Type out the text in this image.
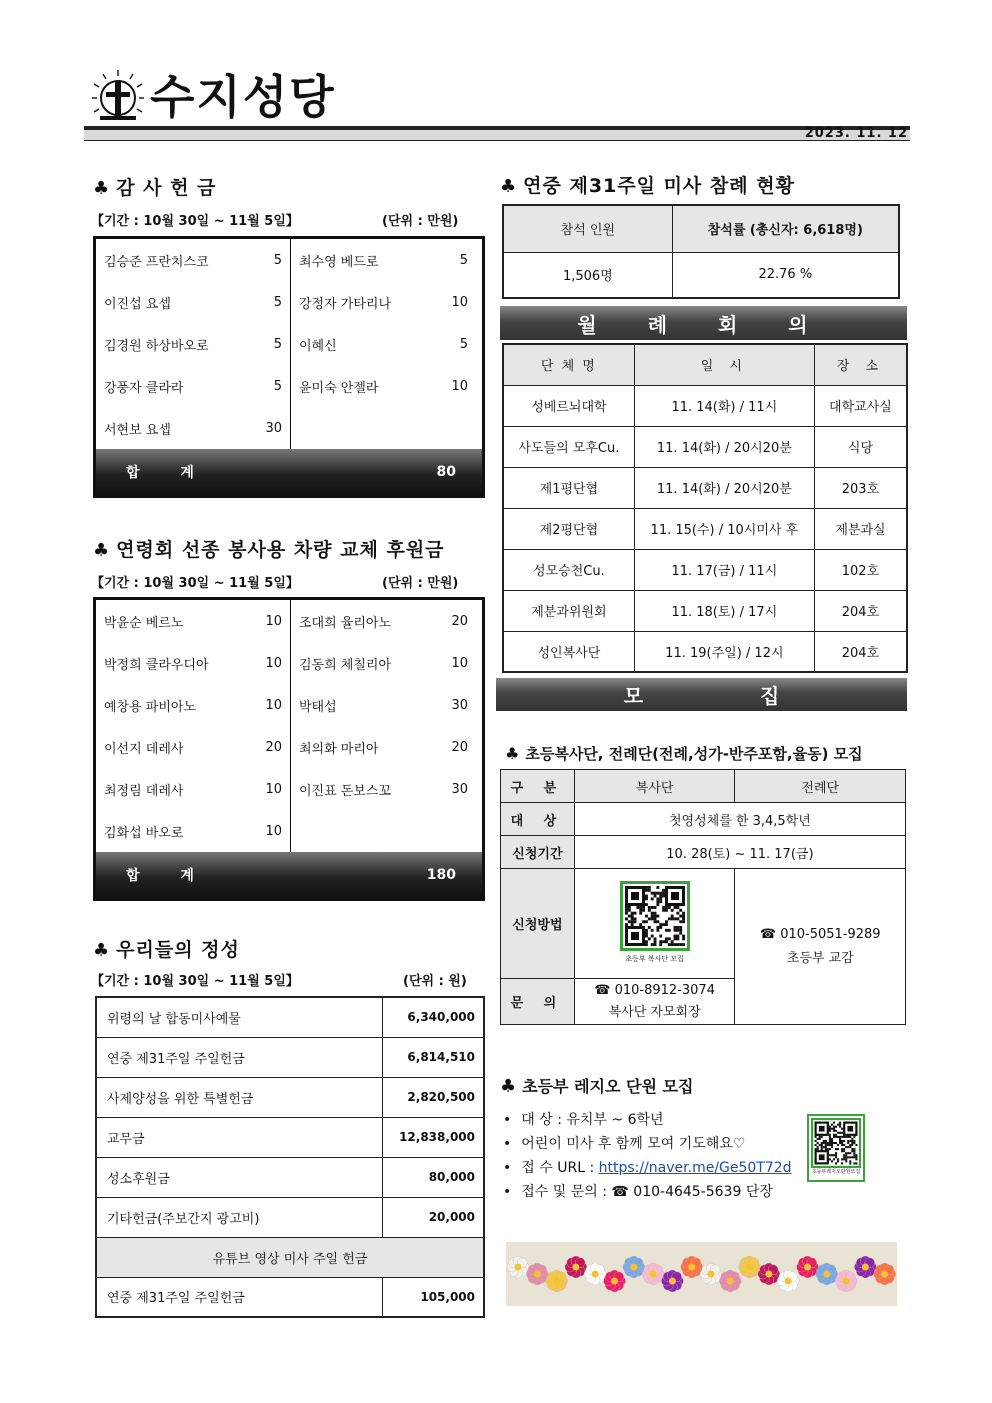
수지성당
2023. 11. 12
♣ 감 사 헌 금
【기간 : 10월 30일 ~ 11월 5일】	(단위 : 만원)
김승준 프란치스코	5 최수영 베드로	5
이진섭 요셉	5 강정자 가타리나	10
김경원 하상바오로	5 이혜신	5
강풍자 클라라	5 윤미숙 안젤라	10
서현보 요셉	30
합 계	80
♣ 연령회 선종 봉사용 차량 교체 후원금
【기간 : 10월 30일 ~ 11월 5일】	(단위 : 만원)
박윤순 베르노	10 조대희 율리아노	20
박정희 클라우디아	10 김동희 체칠리아	10
예창용 파비아노	10 박태섭	30
이선지 데레사	20 최의화 마리아	20
최정림 데레사	10 이진표 돈보스꼬	30
김화섭 바오로	10
합 계	180
♣ 우리들의 정성
【기간 : 10월 30일 ~ 11월 5일】	(단위 : 원)
위령의 날 합동미사예물	6,340,000
연중 제31주일 주일헌금	6,814,510
사제양성을 위한 특별헌금	2,820,500
교무금	12,838,000
성소후원금	80,000
기타헌금(주보간지 광고비)	20,000
유튜브 영상 미사 주일 헌금	
연중 제31주일 주일헌금	105,000
♣ 연중 제31주일 미사 참례 현황
참석 인원	참석률 (총신자: 6,618명)
1,506명	22.76 %
월 례 회 의
단 체 명	일 시	장 소
성베르뇌대학	11. 14(화) / 11시	대학교사실
사도들의 모후Cu.	11. 14(화) / 20시20분	식당
제1평단협	11. 14(화) / 20시20분	203호
제2평단협	11. 15(수) / 10시미사 후	제분과실
성모승천Cu.	11. 17(금) / 11시	102호
제분과위원회	11. 18(토) / 17시	204호
성인복사단	11. 19(주일) / 12시	204호
모 집
♣ 초등복사단, 전례단(전례,성가-반주포함,율동) 모집
구 분	복사단	전례단
대 상	첫영성체를 한 3,4,5학년	
신청기간	10. 28(토) ~ 11. 17(금)	
신청방법	초등부 복사단 모집	☎ 010-5051-9289
초등부 교감

문 의	☎ 010-8912-3074
복사단 자모회장	
♣ 초등부 레지오 단원 모집
• 대 상 : 유치부 ~ 6학년
• 어린이 미사 후 함께 모여 기도해요♡
• 접 수 URL : https://naver.me/Ge50T72d
• 접수 및 문의 : ☎ 010-4645-5639 단장
초등부레지오단원모집
